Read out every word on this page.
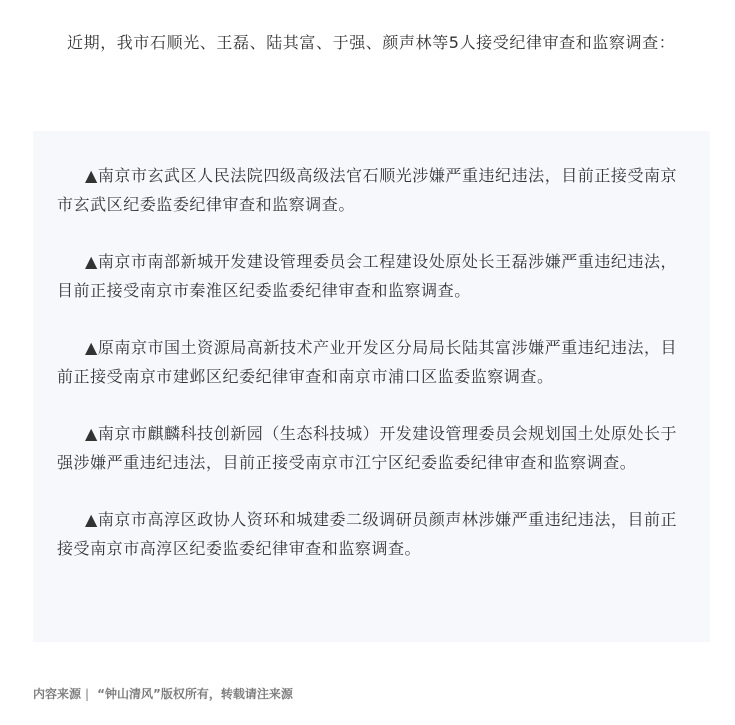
近期，我市石顺光、王磊、陆其富、于强、颜声林等5人接受纪律审查和监察调查：

▲南京市玄武区人民法院四级高级法官石顺光涉嫌严重违纪违法，目前正接受南京市玄武区纪委监委纪律审查和监察调查。

▲南京市南部新城开发建设管理委员会工程建设处原处长王磊涉嫌严重违纪违法，目前正接受南京市秦淮区纪委监委纪律审查和监察调查。

▲原南京市国土资源局高新技术产业开发区分局局长陆其富涉嫌严重违纪违法，目前正接受南京市建邺区纪委纪律审查和南京市浦口区监委监察调查。

▲南京市麒麟科技创新园（生态科技城）开发建设管理委员会规划国土处原处长于强涉嫌严重违纪违法，目前正接受南京市江宁区纪委监委纪律审查和监察调查。

▲南京市高淳区政协人资环和城建委二级调研员颜声林涉嫌严重违纪违法，目前正接受南京市高淳区纪委监委纪律审查和监察调查。

内容来源 | “钟山清风”版权所有，转载请注来源
